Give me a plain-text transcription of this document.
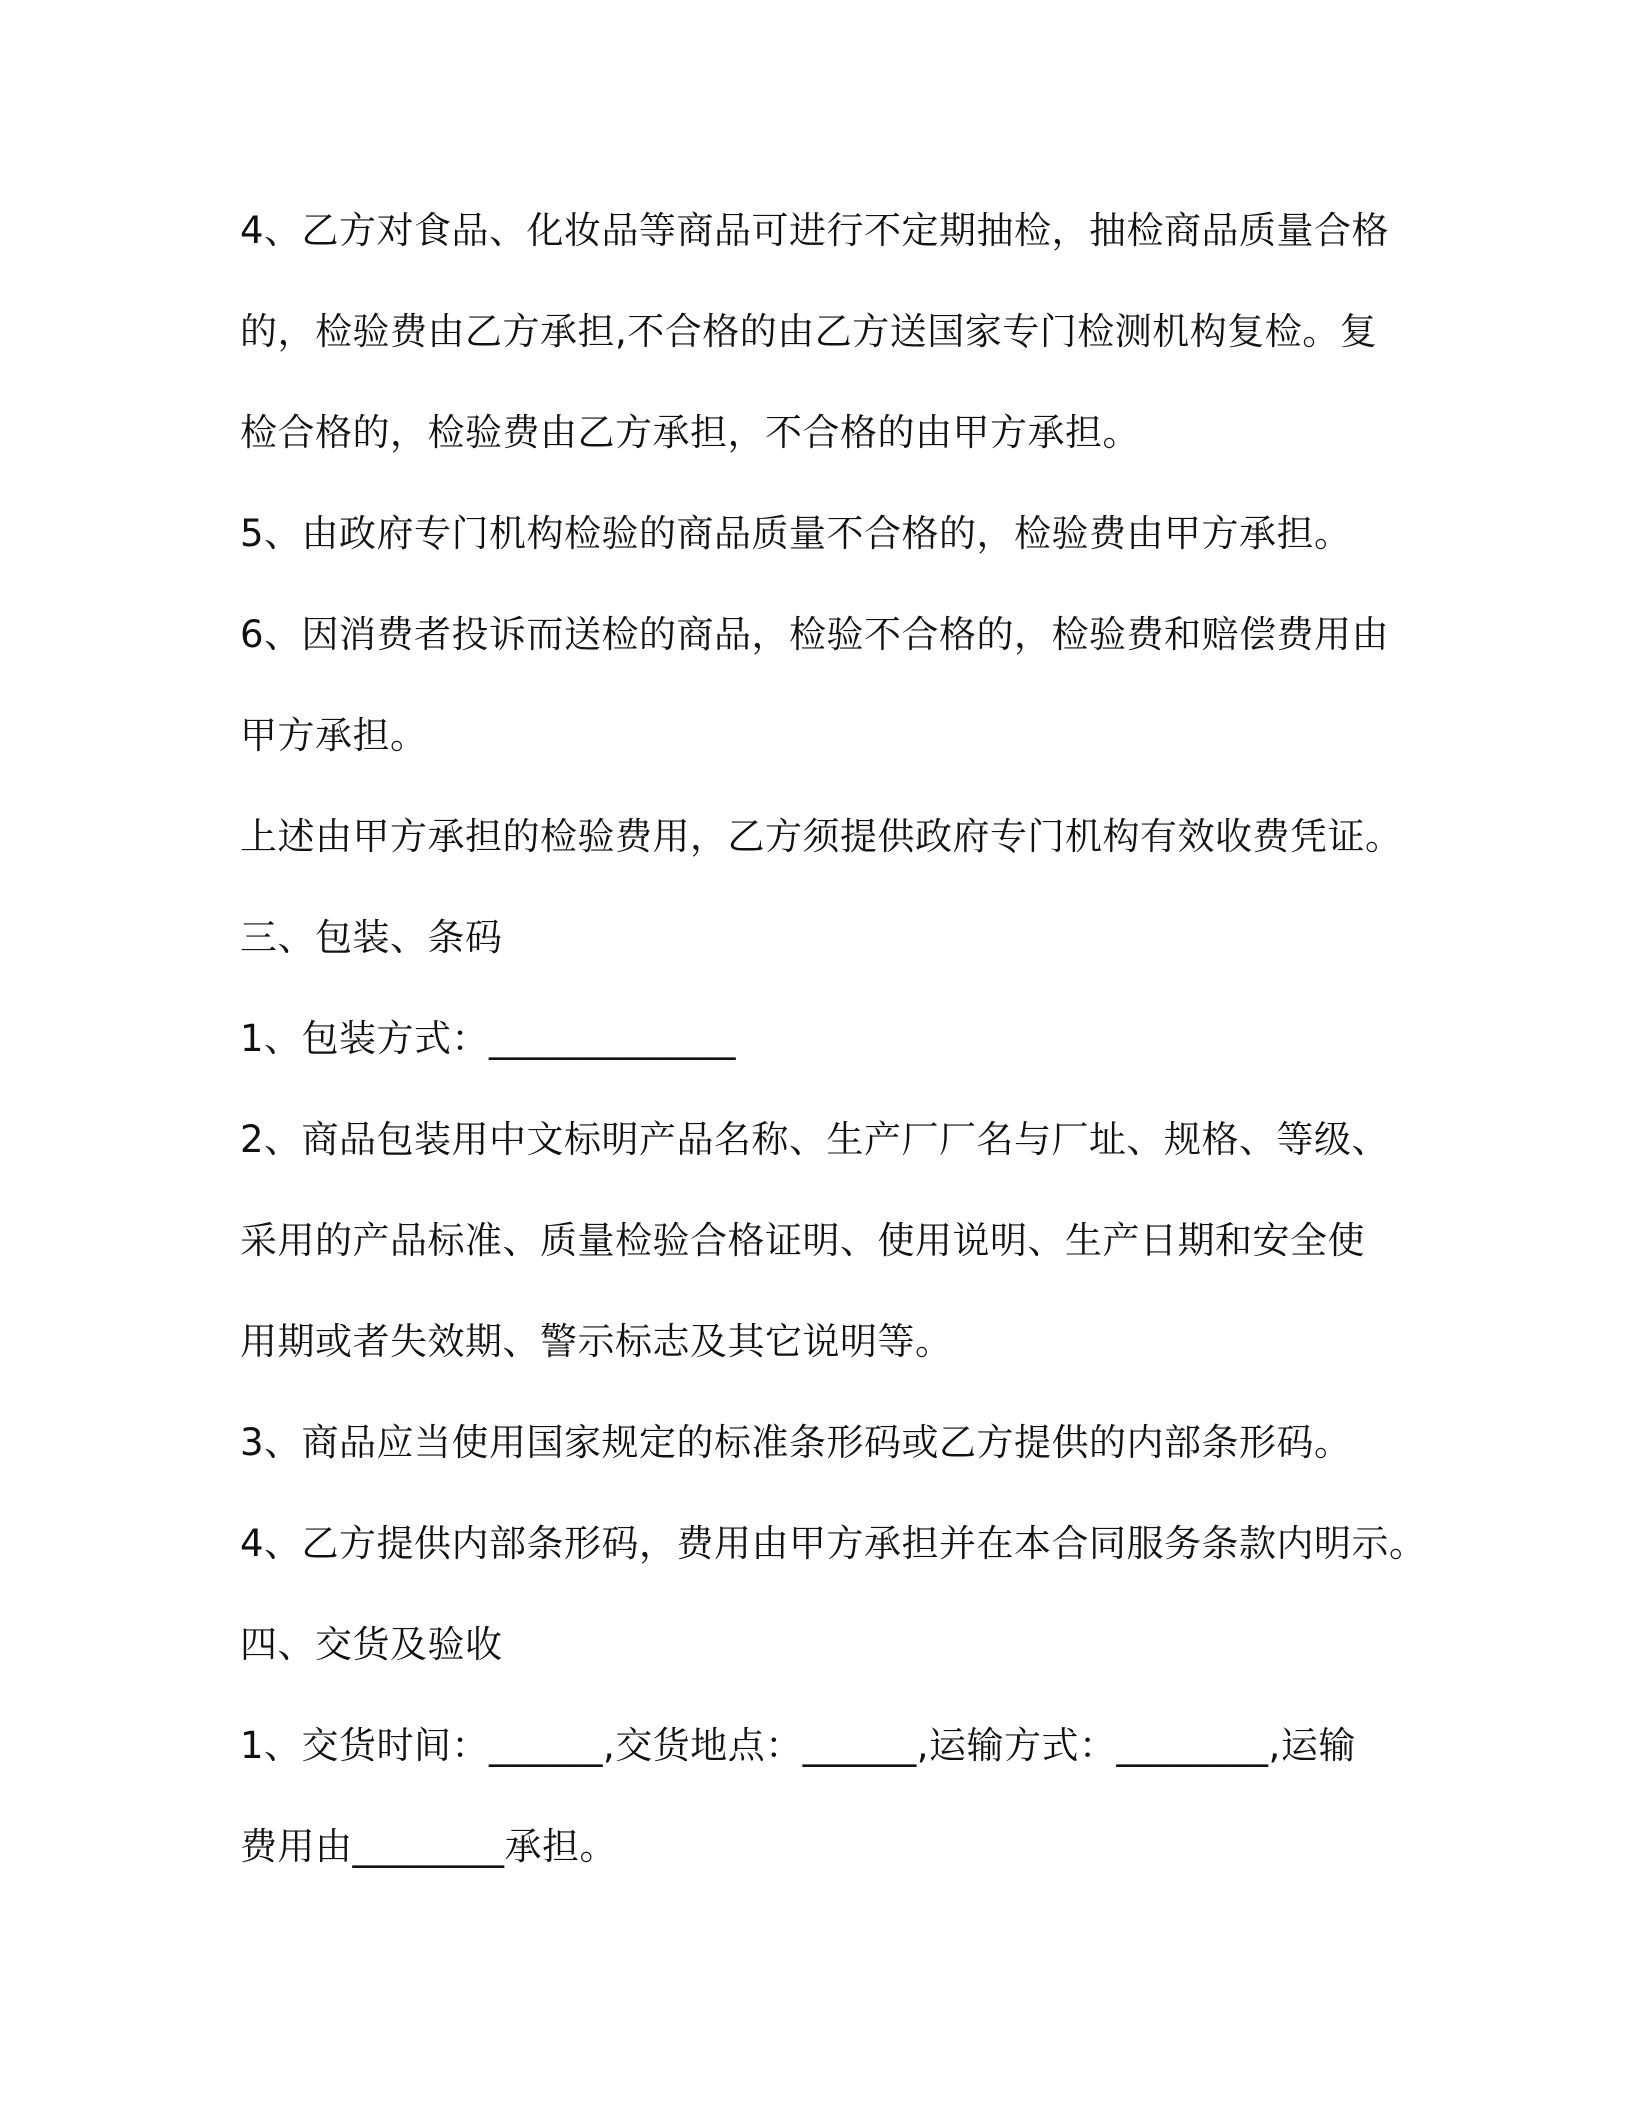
4、乙方对食品、化妆品等商品可进行不定期抽检，抽检商品质量合格
的，检验费由乙方承担,不合格的由乙方送国家专门检测机构复检。复
检合格的，检验费由乙方承担，不合格的由甲方承担。
5、由政府专门机构检验的商品质量不合格的，检验费由甲方承担。
6、因消费者投诉而送检的商品，检验不合格的，检验费和赔偿费用由
甲方承担。
上述由甲方承担的检验费用，乙方须提供政府专门机构有效收费凭证。
三、包装、条码
1、包装方式：_____________
2、商品包装用中文标明产品名称、生产厂厂名与厂址、规格、等级、
采用的产品标准、质量检验合格证明、使用说明、生产日期和安全使
用期或者失效期、警示标志及其它说明等。
3、商品应当使用国家规定的标准条形码或乙方提供的内部条形码。
4、乙方提供内部条形码，费用由甲方承担并在本合同服务条款内明示。
四、交货及验收
1、交货时间：______,交货地点：______,运输方式：________,运输
费用由________承担。
